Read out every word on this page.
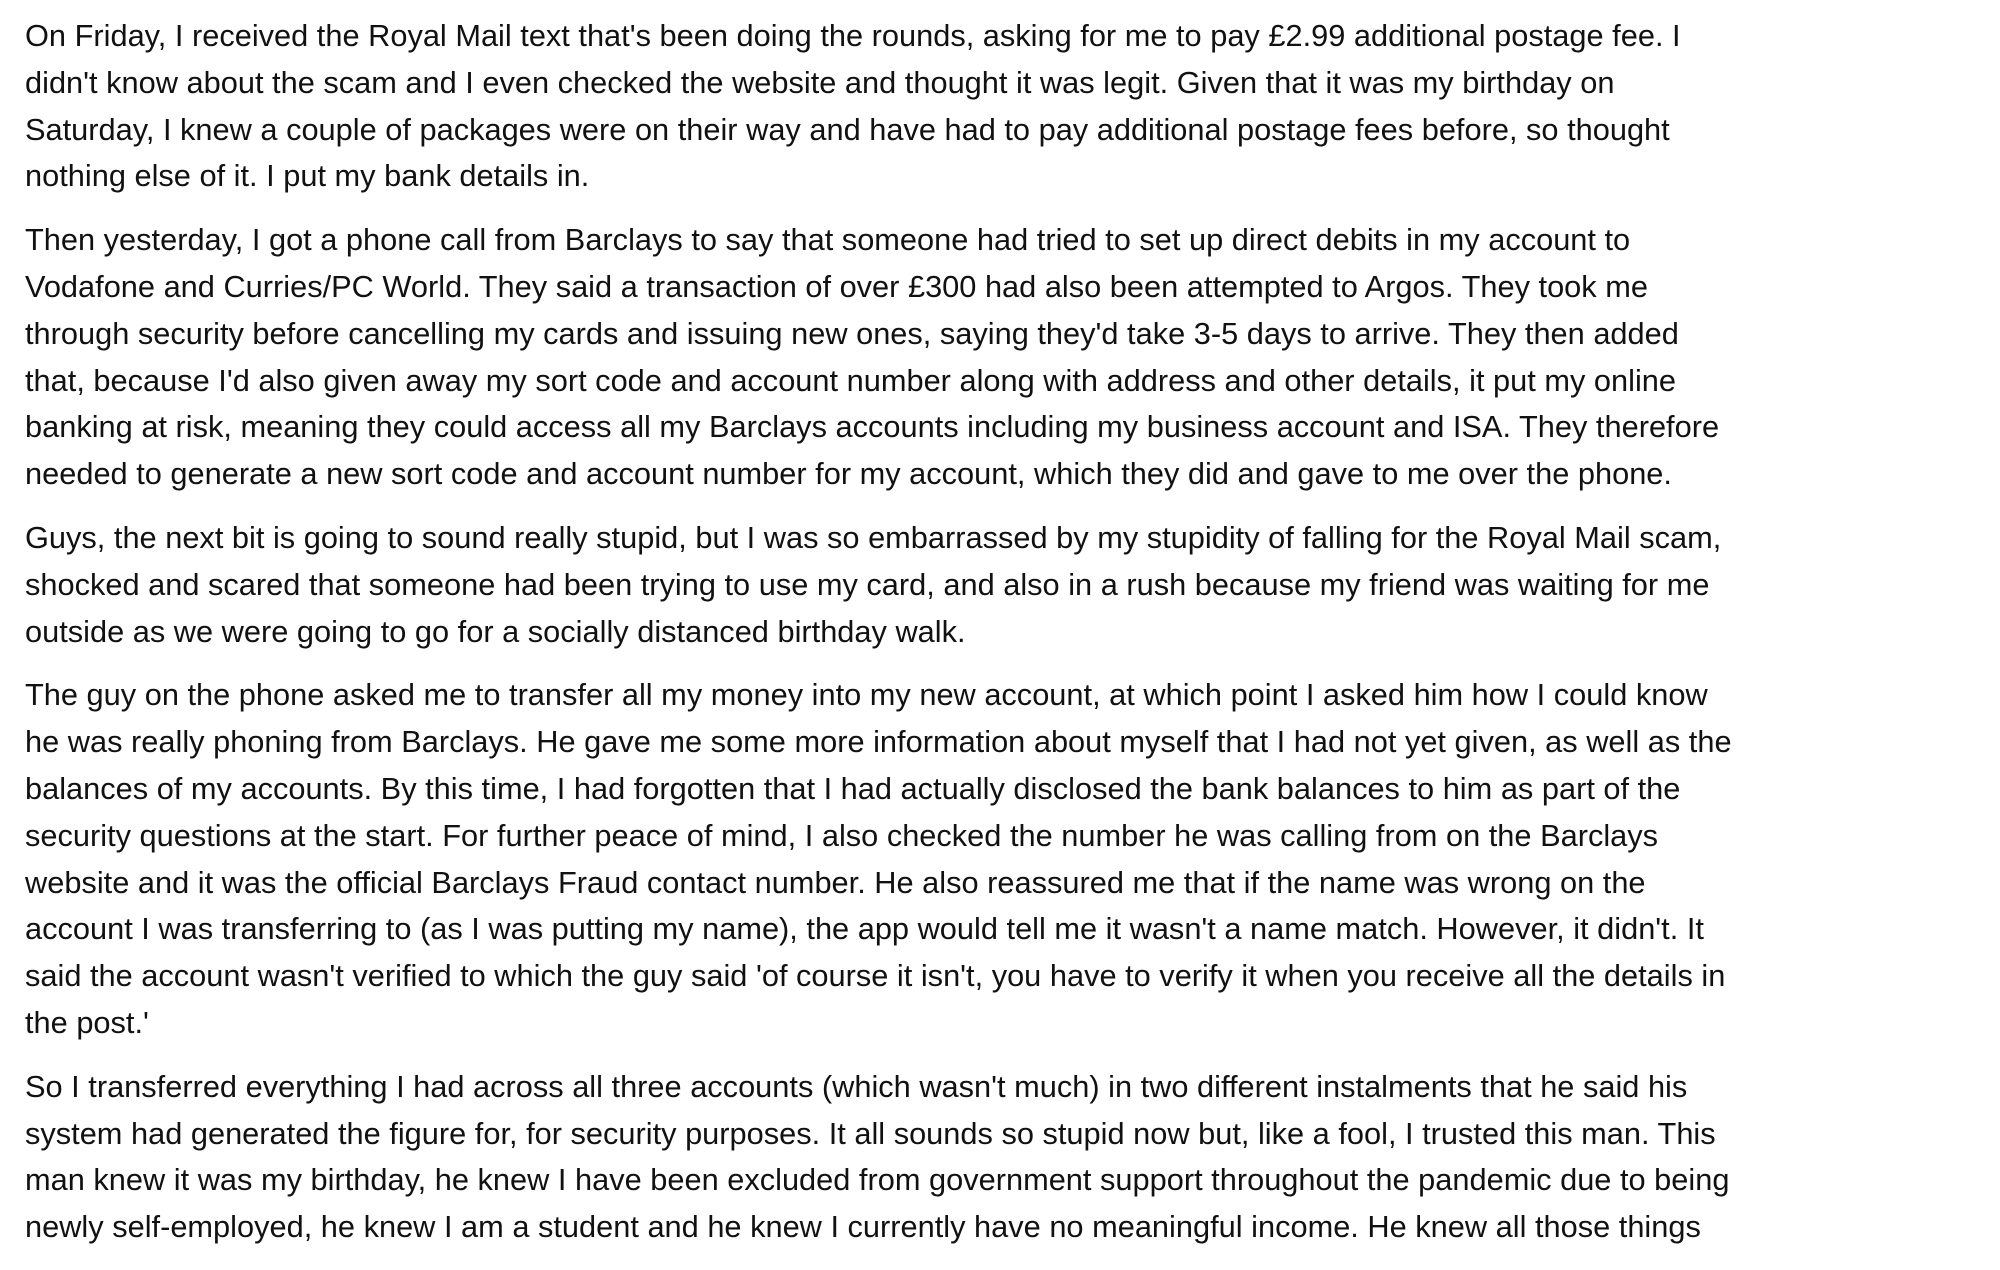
On Friday, I received the Royal Mail text that's been doing the rounds, asking for me to pay £2.99 additional postage fee. I
didn't know about the scam and I even checked the website and thought it was legit. Given that it was my birthday on
Saturday, I knew a couple of packages were on their way and have had to pay additional postage fees before, so thought
nothing else of it. I put my bank details in.

Then yesterday, I got a phone call from Barclays to say that someone had tried to set up direct debits in my account to
Vodafone and Curries/PC World. They said a transaction of over £300 had also been attempted to Argos. They took me
through security before cancelling my cards and issuing new ones, saying they'd take 3-5 days to arrive. They then added
that, because I'd also given away my sort code and account number along with address and other details, it put my online
banking at risk, meaning they could access all my Barclays accounts including my business account and ISA. They therefore
needed to generate a new sort code and account number for my account, which they did and gave to me over the phone.

Guys, the next bit is going to sound really stupid, but I was so embarrassed by my stupidity of falling for the Royal Mail scam,
shocked and scared that someone had been trying to use my card, and also in a rush because my friend was waiting for me
outside as we were going to go for a socially distanced birthday walk.

The guy on the phone asked me to transfer all my money into my new account, at which point I asked him how I could know
he was really phoning from Barclays. He gave me some more information about myself that I had not yet given, as well as the
balances of my accounts. By this time, I had forgotten that I had actually disclosed the bank balances to him as part of the
security questions at the start. For further peace of mind, I also checked the number he was calling from on the Barclays
website and it was the official Barclays Fraud contact number. He also reassured me that if the name was wrong on the
account I was transferring to (as I was putting my name), the app would tell me it wasn't a name match. However, it didn't. It
said the account wasn't verified to which the guy said 'of course it isn't, you have to verify it when you receive all the details in
the post.'

So I transferred everything I had across all three accounts (which wasn't much) in two different instalments that he said his
system had generated the figure for, for security purposes. It all sounds so stupid now but, like a fool, I trusted this man. This
man knew it was my birthday, he knew I have been excluded from government support throughout the pandemic due to being
newly self-employed, he knew I am a student and he knew I currently have no meaningful income. He knew all those things
